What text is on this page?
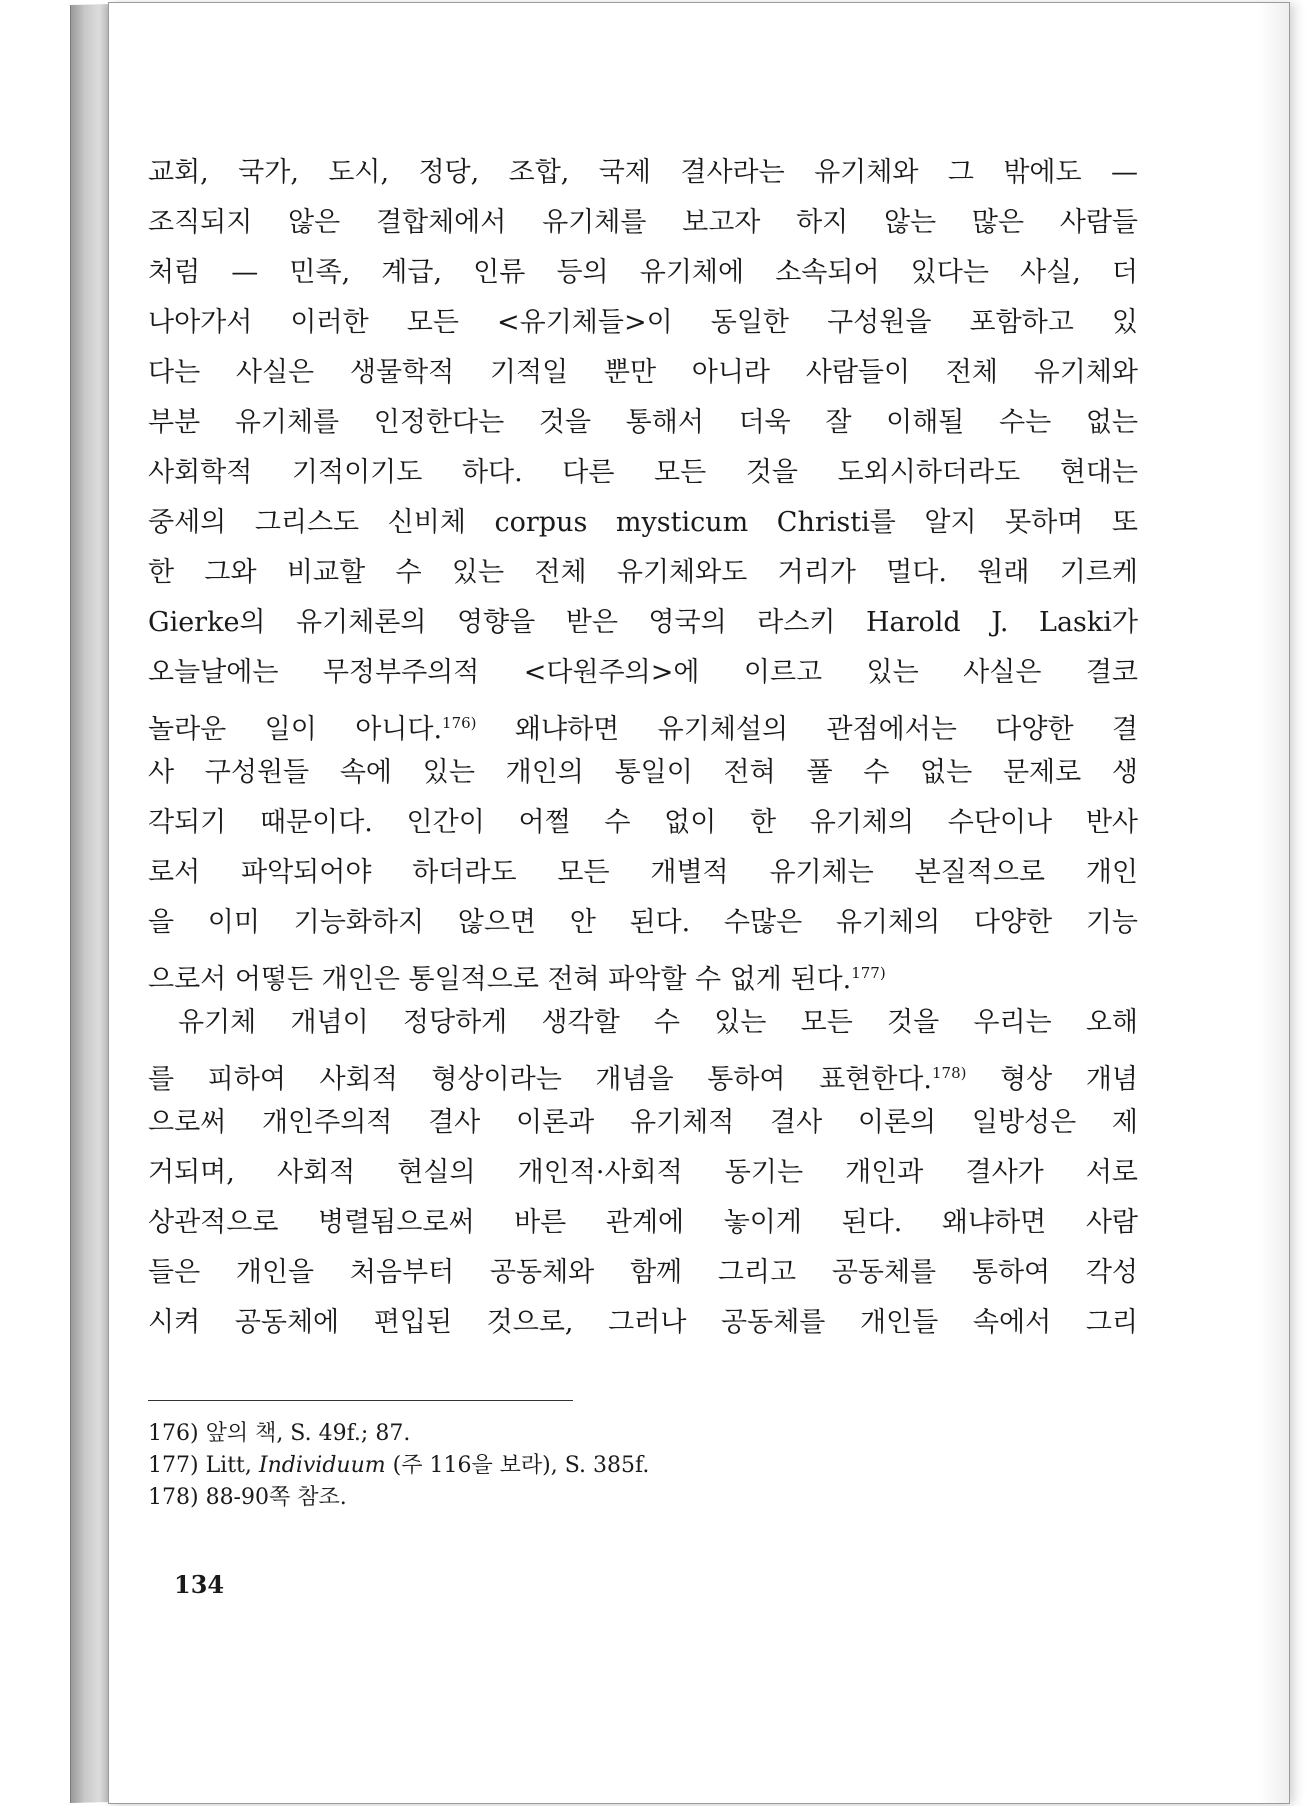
교회, 국가, 도시, 정당, 조합, 국제 결사라는 유기체와 그 밖에도 —
조직되지 않은 결합체에서 유기체를 보고자 하지 않는 많은 사람들
처럼 — 민족, 계급, 인류 등의 유기체에 소속되어 있다는 사실, 더
나아가서 이러한 모든 <유기체들>이 동일한 구성원을 포함하고 있
다는 사실은 생물학적 기적일 뿐만 아니라 사람들이 전체 유기체와
부분 유기체를 인정한다는 것을 통해서 더욱 잘 이해될 수는 없는
사회학적 기적이기도 하다. 다른 모든 것을 도외시하더라도 현대는
중세의 그리스도 신비체 corpus mysticum Christi를 알지 못하며 또
한 그와 비교할 수 있는 전체 유기체와도 거리가 멀다. 원래 기르케
Gierke의 유기체론의 영향을 받은 영국의 라스키 Harold J. Laski가
오늘날에는 무정부주의적 <다원주의>에 이르고 있는 사실은 결코
놀라운 일이 아니다.$^{176)}$ 왜냐하면 유기체설의 관점에서는 다양한 결
사 구성원들 속에 있는 개인의 통일이 전혀 풀 수 없는 문제로 생
각되기 때문이다. 인간이 어쩔 수 없이 한 유기체의 수단이나 반사
로서 파악되어야 하더라도 모든 개별적 유기체는 본질적으로 개인
을 이미 기능화하지 않으면 안 된다. 수많은 유기체의 다양한 기능
으로서 어떻든 개인은 통일적으로 전혀 파악할 수 없게 된다.$^{177)}$
유기체 개념이 정당하게 생각할 수 있는 모든 것을 우리는 오해
를 피하여 사회적 형상이라는 개념을 통하여 표현한다.$^{178)}$ 형상 개념
으로써 개인주의적 결사 이론과 유기체적 결사 이론의 일방성은 제
거되며, 사회적 현실의 개인적·사회적 동기는 개인과 결사가 서로
상관적으로 병렬됨으로써 바른 관계에 놓이게 된다. 왜냐하면 사람
들은 개인을 처음부터 공동체와 함께 그리고 공동체를 통하여 각성
시켜 공동체에 편입된 것으로, 그러나 공동체를 개인들 속에서 그리
176) 앞의 책, S. 49f.; 87.
177) Litt, Individuum (주 116을 보라), S. 385f.
178) 88-90쪽 참조.
134
